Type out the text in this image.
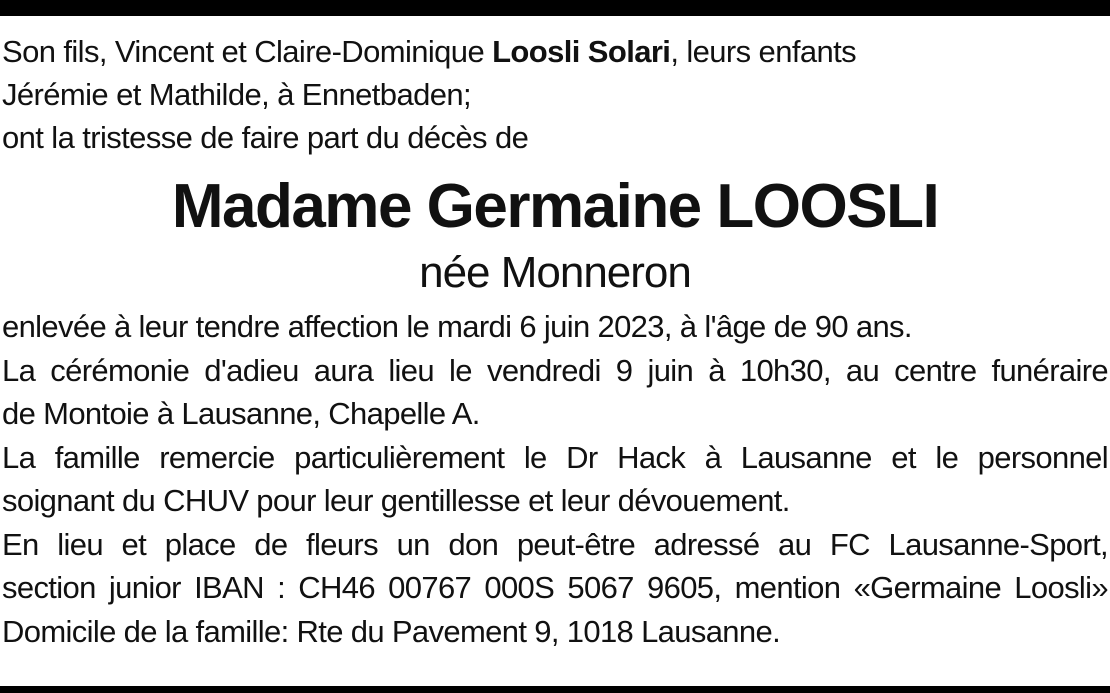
Son fils, Vincent et Claire-Dominique Loosli Solari, leurs enfants
Jérémie et Mathilde, à Ennetbaden;
ont la tristesse de faire part du décès de
Madame Germaine LOOSLI
née Monneron
enlevée à leur tendre affection le mardi 6 juin 2023, à l'âge de 90 ans.
La cérémonie d'adieu aura lieu le vendredi 9 juin à 10h30, au centre funéraire
de Montoie à Lausanne, Chapelle A.
La famille remercie particulièrement le Dr Hack à Lausanne et le personnel
soignant du CHUV pour leur gentillesse et leur dévouement.
En lieu et place de fleurs un don peut-être adressé au FC Lausanne-Sport,
section junior IBAN : CH46 00767 000S 5067 9605, mention «Germaine Loosli»
Domicile de la famille: Rte du Pavement 9, 1018 Lausanne.
